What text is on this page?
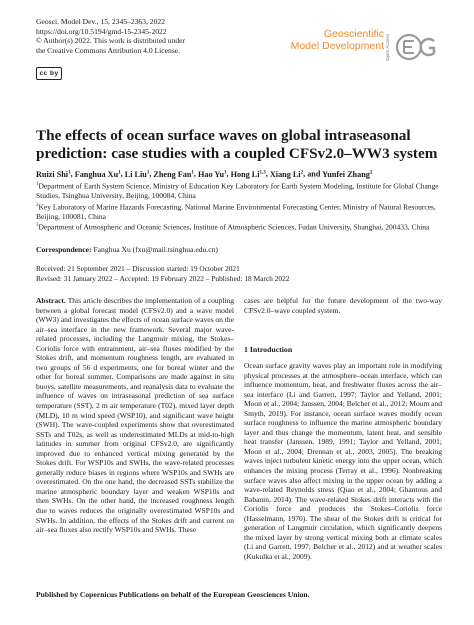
Geosci. Model Dev., 15, 2345–2363, 2022
https://doi.org/10.5194/gmd-15-2345-2022
© Author(s) 2022. This work is distributed under
the Creative Commons Attribution 4.0 License.
cc by
Geoscientific
Model Development Open Access
The effects of ocean surface waves on global intraseasonal prediction: case studies with a coupled CFSv2.0–WW3 system
Ruizi Shi$^1$, Fanghua Xu$^1$, Li Liu$^1$, Zheng Fan$^1$, Hao Yu$^1$, Hong Li$^{1,3}$, Xiang Li$^2$, and Yunfei Zhang$^2$
$^1$Department of Earth System Science, Ministry of Education Key Laboratory for Earth System Modeling, Institute for Global Change Studies, Tsinghua University, Beijing, 100084, China
$^2$Key Laboratory of Marine Hazards Forecasting, National Marine Environmental Forecasting Center, Ministry of Natural Resources, Beijing, 100081, China
$^3$Department of Atmospheric and Oceanic Sciences, Institute of Atmospheric Sciences, Fudan University, Shanghai, 200433, China
Correspondence: Fanghua Xu (fxu@mail.tsinghua.edu.cn)
Received: 21 September 2021 – Discussion started: 19 October 2021
Revised: 31 January 2022 – Accepted: 19 February 2022 – Published: 18 March 2022
Abstract. This article describes the implementation of a coupling between a global forecast model (CFSv2.0) and a wave model (WW3) and investigates the effects of ocean surface waves on the air–sea interface in the new framework. Several major wave-related processes, including the Langmuir mixing, the Stokes–Coriolis force with entrainment, air–sea fluxes modified by the Stokes drift, and momentum roughness length, are evaluated in two groups of 56 d experiments, one for boreal winter and the other for boreal summer. Comparisons are made against in situ buoys, satellite measurements, and reanalysis data to evaluate the influence of waves on intraseasonal prediction of sea surface temperature (SST), 2 m air temperature (T02), mixed layer depth (MLD), 10 m wind speed (WSP10), and significant wave height (SWH). The wave-coupled experiments show that overestimated SSTs and T02s, as well as underestimated MLDs at mid-to-high latitudes in summer from original CFSv2.0, are significantly improved due to enhanced vertical mixing generated by the Stokes drift. For WSP10s and SWHs, the wave-related processes generally reduce biases in regions where WSP10s and SWHs are overestimated. On the one hand, the decreased SSTs stabilize the marine atmospheric boundary layer and weaken WSP10s and then SWHs. On the other hand, the increased roughness length due to waves reduces the originally overestimated WSP10s and SWHs. In addition, the effects of the Stokes drift and current on air–sea fluxes also rectify WSP10s and SWHs. These
cases are helpful for the future development of the two-way CFSv2.0–wave coupled system.
1 Introduction
Ocean surface gravity waves play an important role in modifying physical processes at the atmosphere–ocean interface, which can influence momentum, heat, and freshwater fluxes across the air–sea interface (Li and Garrett, 1997; Taylor and Yelland, 2001; Moon et al., 2004; Janssen, 2004; Belcher et al., 2012; Moum and Smyth, 2019). For instance, ocean surface waves modify ocean surface roughness to influence the marine atmospheric boundary layer and thus change the momentum, latent heat, and sensible heat transfer (Janssen, 1989, 1991; Taylor and Yelland, 2001; Moon et al., 2004; Drennan et al., 2003, 2005). The breaking waves inject turbulent kinetic energy into the upper ocean, which enhances the mixing process (Terray et al., 1996). Nonbreaking surface waves also affect mixing in the upper ocean by adding a wave-related Reynolds stress (Qiao et al., 2004; Ghantous and Babanin, 2014). The wave-related Stokes drift interacts with the Coriolis force and produces the Stokes–Coriolis force (Hasselmann, 1970). The shear of the Stokes drift is critical for generation of Langmuir circulation, which significantly deepens the mixed layer by strong vertical mixing both at climate scales (Li and Garrett, 1997; Belcher et al., 2012) and at weather scales (Kukulka et al., 2009).
Published by Copernicus Publications on behalf of the European Geosciences Union.
